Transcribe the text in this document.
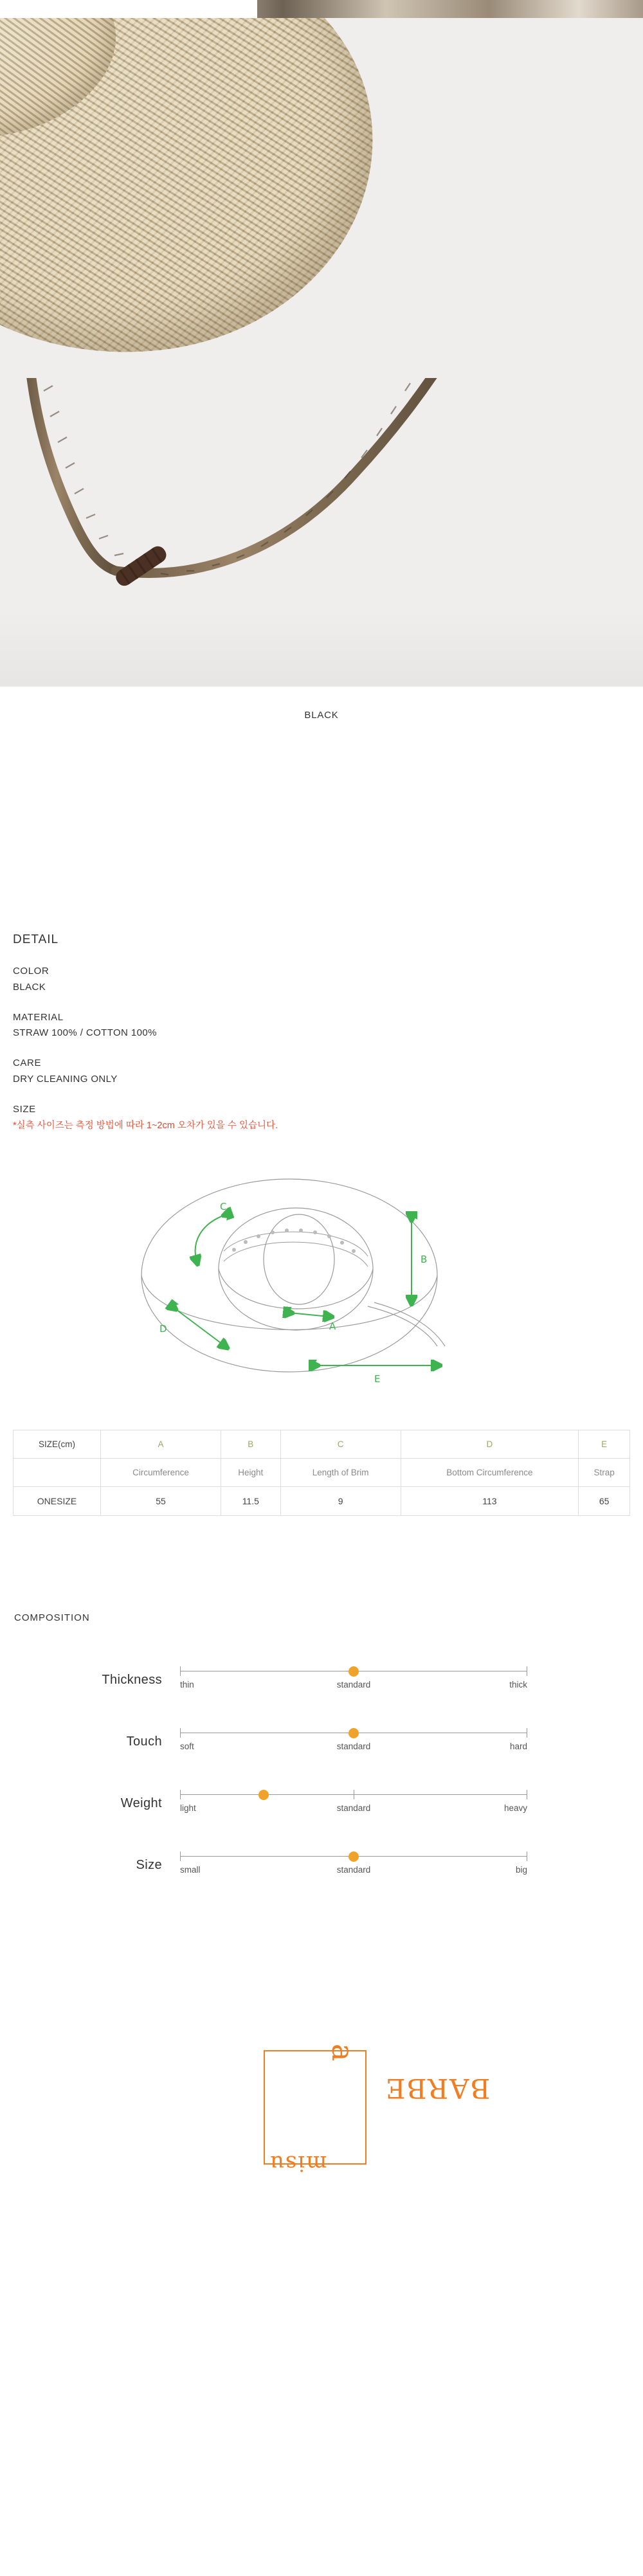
BLACK
DETAIL
COLOR
BLACK
MATERIAL
STRAW 100% / COTTON 100%
CARE
DRY CLEANING ONLY
SIZE
*실측 사이즈는 측정 방법에 따라 1~2cm 오차가 있을 수 있습니다.
C
B
D	A
E
SIZE(cm)	A	B	C	D	E
	Circumference	Height	Length of Brim	Bottom Circumference	Strap
ONESIZE	55	11.5	9	113	65
COMPOSITION
Thickness	thin	standard	thick
Touch	soft	standard	hard
Weight	light	standard	heavy
Size	small	standard	big
a
BARBE
misu
